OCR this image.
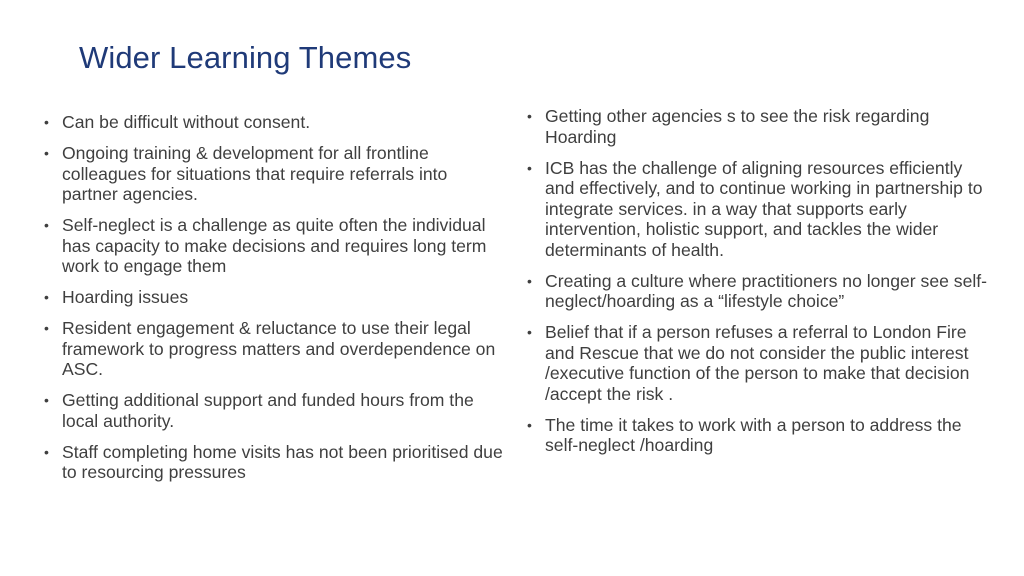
Wider Learning Themes
• Can be difficult without consent.
• Ongoing training & development for all frontline colleagues for situations that require referrals into partner agencies.
• Self-neglect is a challenge as quite often the individual has capacity to make decisions and requires long term work to engage them
• Hoarding issues
• Resident engagement & reluctance to use their legal framework to progress matters and overdependence on ASC.
• Getting additional support and funded hours from the local authority.
• Staff completing home visits has not been prioritised due to resourcing pressures
• Getting other agencies s to see the risk regarding Hoarding
• ICB has the challenge of aligning resources efficiently and effectively, and to continue working in partnership to integrate services. in a way that supports early intervention, holistic support, and tackles the wider determinants of health.
• Creating a culture where practitioners no longer see self-neglect/hoarding as a “lifestyle choice”
• Belief that if a person refuses a referral to London Fire and Rescue that we do not consider the public interest /executive function of the person to make that decision /accept the risk .
• The time it takes to work with a person to address the self-neglect /hoarding
